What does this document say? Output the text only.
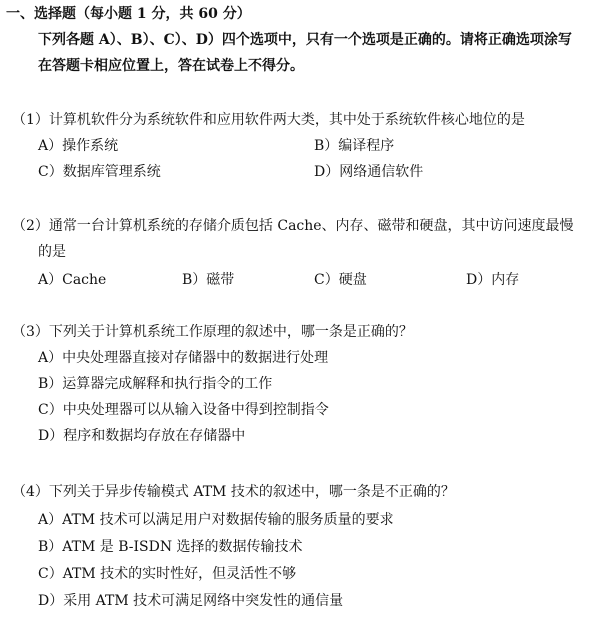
一、选择题（每小题 1 分，共 60 分）
下列各题 A）、B）、C）、D）四个选项中，只有一个选项是正确的。请将正确选项涂写
在答题卡相应位置上，答在试卷上不得分。
（1）计算机软件分为系统软件和应用软件两大类，其中处于系统软件核心地位的是
A）操作系统	B）编译程序
C）数据库管理系统	D）网络通信软件
（2）通常一台计算机系统的存储介质包括 Cache、内存、磁带和硬盘，其中访问速度最慢
的是
A）Cache	B）磁带	C）硬盘	D）内存
（3）下列关于计算机系统工作原理的叙述中，哪一条是正确的？
A）中央处理器直接对存储器中的数据进行处理
B）运算器完成解释和执行指令的工作
C）中央处理器可以从输入设备中得到控制指令
D）程序和数据均存放在存储器中
（4）下列关于异步传输模式 ATM 技术的叙述中，哪一条是不正确的？
A）ATM 技术可以满足用户对数据传输的服务质量的要求
B）ATM 是 B-ISDN 选择的数据传输技术
C）ATM 技术的实时性好，但灵活性不够
D）采用 ATM 技术可满足网络中突发性的通信量
